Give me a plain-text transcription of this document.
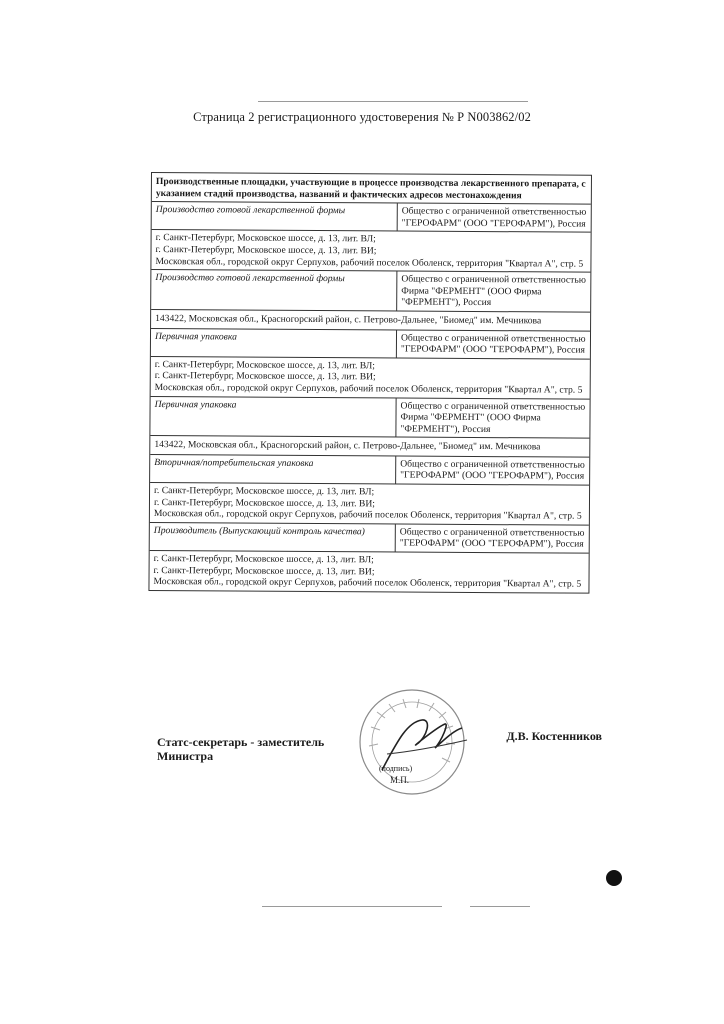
Страница 2 регистрационного удостоверения № Р N003862/02
Производственные площадки, участвующие в процессе производства лекарственного препарата, с указанием стадий производства, названий и фактических адресов местонахождения
Производство готовой лекарственной формы	Общество с ограниченной ответственностью "ГЕРОФАРМ" (ООО "ГЕРОФАРМ"), Россия
г. Санкт-Петербург, Московское шоссе, д. 13, лит. ВЛ;
г. Санкт-Петербург, Московское шоссе, д. 13, лит. ВИ;
Московская обл., городской округ Серпухов, рабочий поселок Оболенск, территория "Квартал А", стр. 5
Производство готовой лекарственной формы	Общество с ограниченной ответственностью Фирма "ФЕРМЕНТ" (ООО Фирма "ФЕРМЕНТ"), Россия
143422, Московская обл., Красногорский район, с. Петрово-Дальнее, "Биомед" им. Мечникова
Первичная упаковка	Общество с ограниченной ответственностью "ГЕРОФАРМ" (ООО "ГЕРОФАРМ"), Россия
г. Санкт-Петербург, Московское шоссе, д. 13, лит. ВЛ;
г. Санкт-Петербург, Московское шоссе, д. 13, лит. ВИ;
Московская обл., городской округ Серпухов, рабочий поселок Оболенск, территория "Квартал А", стр. 5
Первичная упаковка	Общество с ограниченной ответственностью Фирма "ФЕРМЕНТ" (ООО Фирма "ФЕРМЕНТ"), Россия
143422, Московская обл., Красногорский район, с. Петрово-Дальнее, "Биомед" им. Мечникова
Вторичная/потребительская упаковка	Общество с ограниченной ответственностью "ГЕРОФАРМ" (ООО "ГЕРОФАРМ"), Россия
г. Санкт-Петербург, Московское шоссе, д. 13, лит. ВЛ;
г. Санкт-Петербург, Московское шоссе, д. 13, лит. ВИ;
Московская обл., городской округ Серпухов, рабочий поселок Оболенск, территория "Квартал А", стр. 5
Производитель (Выпускающий контроль качества)	Общество с ограниченной ответственностью "ГЕРОФАРМ" (ООО "ГЕРОФАРМ"), Россия
г. Санкт-Петербург, Московское шоссе, д. 13, лит. ВЛ;
г. Санкт-Петербург, Московское шоссе, д. 13, лит. ВИ;
Московская обл., городской округ Серпухов, рабочий поселок Оболенск, территория "Квартал А", стр. 5
Статс-секретарь - заместитель Министра
Д.В. Костенников
(подпись)
М.П.
